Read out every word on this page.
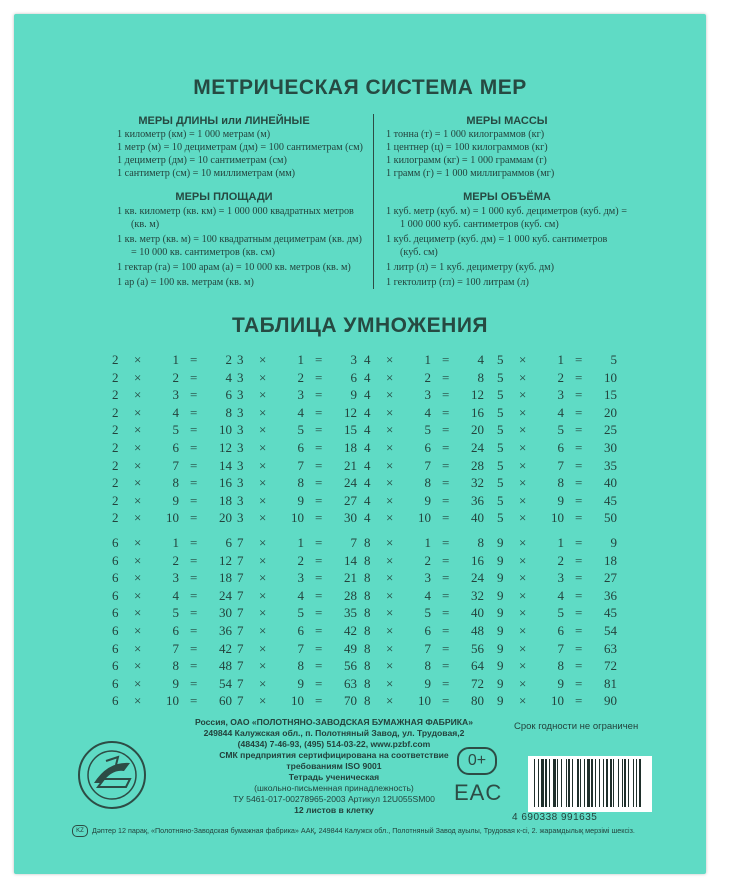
МЕТРИЧЕСКАЯ СИСТЕМА МЕР
МЕРЫ ДЛИНЫ или ЛИНЕЙНЫЕ
1 километр (км) = 1 000 метрам (м)
1 метр (м) = 10 дециметрам (дм) = 100 сантиметрам (см)
1 дециметр (дм) = 10 сантиметрам (см)
1 сантиметр (см) = 10 миллиметрам (мм)
МЕРЫ ПЛОЩАДИ
1 кв. километр (кв. км) = 1 000 000 квадратных метров
(кв. м)
1 кв. метр (кв. м) = 100 квадратным дециметрам (кв. дм)
= 10 000 кв. сантиметров (кв. см)
1 гектар (га) = 100 арам (а) = 10 000 кв. метров (кв. м)
1 ар (а) = 100 кв. метрам (кв. м)
МЕРЫ МАССЫ
1 тонна (т) = 1 000 килограммов (кг)
1 центнер (ц) = 100 килограммов (кг)
1 килограмм (кг) = 1 000 граммам (г)
1 грамм (г) = 1 000 миллиграммов (мг)
МЕРЫ ОБЪЁМА
1 куб. метр (куб. м) = 1 000 куб. дециметров (куб. дм) =
1 000 000 куб. сантиметров (куб. см)
1 куб. дециметр (куб. дм) = 1 000 куб. сантиметров
(куб. см)
1 литр (л) = 1 куб. дециметру (куб. дм)
1 гектолитр (гл) = 100 литрам (л)
ТАБЛИЦА УМНОЖЕНИЯ
2 ×	1 =	2
2 ×	2 =	4
2 ×	3 =	6
2 ×	4 =	8
2 ×	5 =	10
2 ×	6 =	12
2 ×	7 =	14
2 ×	8 =	16
2 ×	9 =	18
2 ×	10 =	20
3 ×	1 =	3
3 ×	2 =	6
3 ×	3 =	9
3 ×	4 =	12
3 ×	5 =	15
3 ×	6 =	18
3 ×	7 =	21
3 ×	8 =	24
3 ×	9 =	27
3 ×	10 =	30
4 ×	1 =	4
4 ×	2 =	8
4 ×	3 =	12
4 ×	4 =	16
4 ×	5 =	20
4 ×	6 =	24
4 ×	7 =	28
4 ×	8 =	32
4 ×	9 =	36
4 ×	10 =	40
5 ×	1 =	5
5 ×	2 =	10
5 ×	3 =	15
5 ×	4 =	20
5 ×	5 =	25
5 ×	6 =	30
5 ×	7 =	35
5 ×	8 =	40
5 ×	9 =	45
5 ×	10 =	50
6 ×	1 =	6
6 ×	2 =	12
6 ×	3 =	18
6 ×	4 =	24
6 ×	5 =	30
6 ×	6 =	36
6 ×	7 =	42
6 ×	8 =	48
6 ×	9 =	54
6 ×	10 =	60
7 ×	1 =	7
7 ×	2 =	14
7 ×	3 =	21
7 ×	4 =	28
7 ×	5 =	35
7 ×	6 =	42
7 ×	7 =	49
7 ×	8 =	56
7 ×	9 =	63
7 ×	10 =	70
8 ×	1 =	8
8 ×	2 =	16
8 ×	3 =	24
8 ×	4 =	32
8 ×	5 =	40
8 ×	6 =	48
8 ×	7 =	56
8 ×	8 =	64
8 ×	9 =	72
8 ×	10 =	80
9 ×	1 =	9
9 ×	2 =	18
9 ×	3 =	27
9 ×	4 =	36
9 ×	5 =	45
9 ×	6 =	54
9 ×	7 =	63
9 ×	8 =	72
9 ×	9 =	81
9 ×	10 =	90
Россия, ОАО «ПОЛОТНЯНО-ЗАВОДСКАЯ БУМАЖНАЯ ФАБРИКА»
249844 Калужская обл., п. Полотняный Завод, ул. Трудовая,2
(48434) 7-46-93, (495) 514-03-22, www.pzbf.com
СМК предприятия сертифицирована на соответствие
требованиям ISO 9001
Тетрадь ученическая
(школьно-письменная принадлежность)
ТУ 5461-017-00278965-2003 Артикул 12U055SM00
12 листов в клетку
Срок годности не ограничен
0+
EAC
4 690338 991635
KZ	Дәптер 12 парақ, «Полотняно-Заводская бумажная фабрика» ААҚ, 249844 Калужск обл., Полотняный Завод ауылы, Трудовая к-сі, 2. жарамдылық мерзімі шексіз.
